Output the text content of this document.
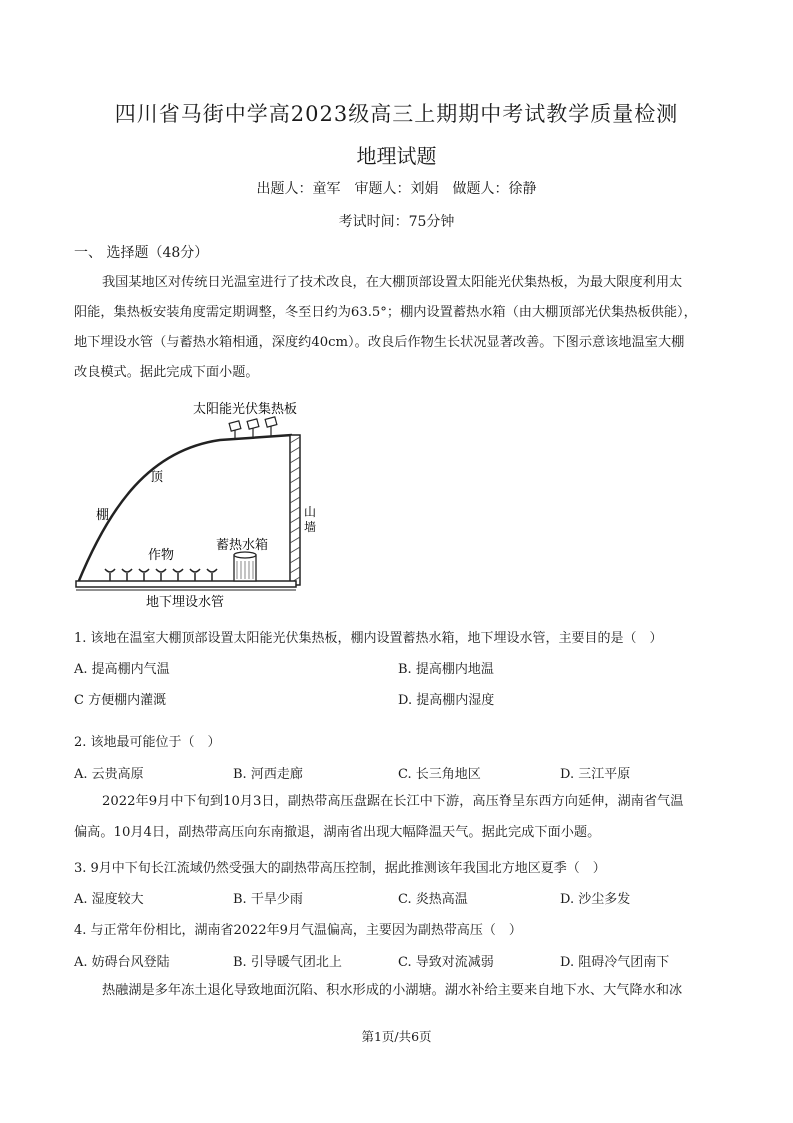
四川省马街中学高2023级高三上期期中考试教学质量检测
地理试题
出题人：童军　审题人：刘娟　做题人：徐静
考试时间：75分钟
一、 选择题（48分）
我国某地区对传统日光温室进行了技术改良，在大棚顶部设置太阳能光伏集热板，为最大限度利用太
阳能，集热板安装角度需定期调整，冬至日约为63.5°；棚内设置蓄热水箱（由大棚顶部光伏集热板供能），
地下埋设水管（与蓄热水箱相通，深度约40cm）。改良后作物生长状况显著改善。下图示意该地温室大棚
改良模式。据此完成下面小题。
太阳能光伏集热板
顶
棚	山
墙
作物
蓄热水箱
地下埋设水管
1. 该地在温室大棚顶部设置太阳能光伏集热板，棚内设置蓄热水箱，地下埋设水管，主要目的是（　）
A. 提高棚内气温	B. 提高棚内地温
C 方便棚内灌溉	D. 提高棚内湿度
2. 该地最可能位于（　）
A. 云贵高原	B. 河西走廊	C. 长三角地区	D. 三江平原
2022年9月中下旬到10月3日，副热带高压盘踞在长江中下游，高压脊呈东西方向延伸，湖南省气温
偏高。10月4日，副热带高压向东南撤退，湖南省出现大幅降温天气。据此完成下面小题。
3. 9月中下旬长江流域仍然受强大的副热带高压控制，据此推测该年我国北方地区夏季（　）
A. 湿度较大	B. 干旱少雨	C. 炎热高温	D. 沙尘多发
4. 与正常年份相比，湖南省2022年9月气温偏高，主要因为副热带高压（　）
A. 妨碍台风登陆	B. 引导暖气团北上	C. 导致对流减弱	D. 阻碍冷气团南下
热融湖是多年冻土退化导致地面沉陷、积水形成的小湖塘。湖水补给主要来自地下水、大气降水和冰
第1页/共6页
